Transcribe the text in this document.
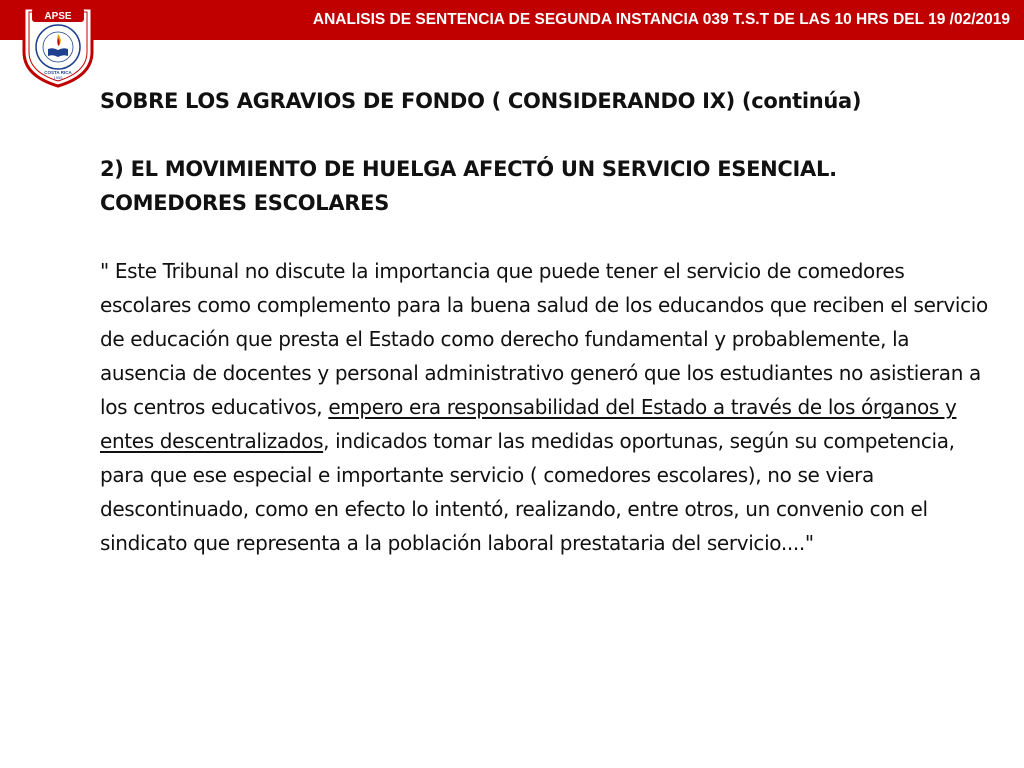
ANALISIS DE SENTENCIA DE SEGUNDA INSTANCIA 039 T.S.T DE LAS 10 HRS DEL 19 /02/2019
APSE
COSTA RICA
1955

SOBRE LOS AGRAVIOS DE FONDO ( CONSIDERANDO IX) (continúa)

2) EL MOVIMIENTO DE HUELGA AFECTÓ UN SERVICIO ESENCIAL.

COMEDORES ESCOLARES

" Este Tribunal no discute la importancia que puede tener el servicio de comedores escolares como complemento para la buena salud de los educandos que reciben el servicio de educación que presta el Estado como derecho fundamental y probablemente, la ausencia de docentes y personal administrativo generó que los estudiantes no asistieran a los centros educativos, empero era responsabilidad del Estado a través de los órganos y entes descentralizados, indicados tomar las medidas oportunas, según su competencia, para que ese especial e importante servicio ( comedores escolares), no se viera descontinuado, como en efecto lo intentó, realizando, entre otros, un convenio con el sindicato que representa a la población laboral prestataria del servicio...."
